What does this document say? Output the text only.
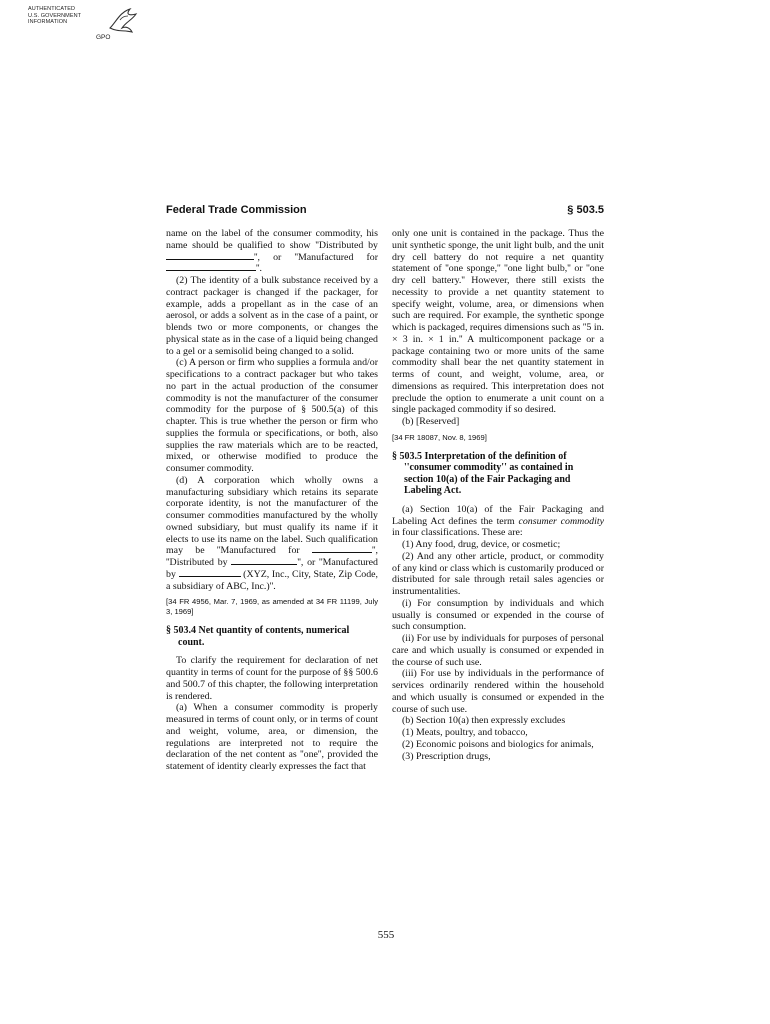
AUTHENTICATED
U.S. GOVERNMENT
INFORMATION
GPO
Federal Trade Commission	§ 503.5

name on the label of the consumer commodity, his name should be qualified to show ''Distributed by '', or ''Manufactured for ''.

(2) The identity of a bulk substance received by a contract packager is changed if the packager, for example, adds a propellant as in the case of an aerosol, or adds a solvent as in the case of a paint, or blends two or more components, or changes the physical state as in the case of a liquid being changed to a gel or a semisolid being changed to a solid.

(c) A person or firm who supplies a formula and/or specifications to a contract packager but who takes no part in the actual production of the consumer commodity is not the manufacturer of the consumer commodity for the purpose of § 500.5(a) of this chapter. This is true whether the person or firm who supplies the formula or specifications, or both, also supplies the raw materials which are to be reacted, mixed, or otherwise modified to produce the consumer commodity.

(d) A corporation which wholly owns a manufacturing subsidiary which retains its separate corporate identity, is not the manufacturer of the consumer commodities manufactured by the wholly owned subsidiary, but must qualify its name if it elects to use its name on the label. Such qualification may be ''Manufactured for	'', ''Distributed by	'', or ''Manufactured by	(XYZ, Inc., City, State, Zip Code, a subsidiary of ABC, Inc.)''.

[34 FR 4956, Mar. 7, 1969, as amended at 34 FR 11199, July 3, 1969]

§ 503.4 Net quantity of contents, numerical count.

To clarify the requirement for declaration of net quantity in terms of count for the purpose of §§ 500.6 and 500.7 of this chapter, the following interpretation is rendered.

(a) When a consumer commodity is properly measured in terms of count only, or in terms of count and weight, volume, area, or dimension, the regulations are interpreted not to require the declaration of the net content as ''one'', provided the statement of identity clearly expresses the fact that

only one unit is contained in the package. Thus the unit synthetic sponge, the unit light bulb, and the unit dry cell battery do not require a net quantity statement of ''one sponge,'' ''one light bulb,'' or ''one dry cell battery.'' However, there still exists the necessity to provide a net quantity statement to specify weight, volume, area, or dimensions when such are required. For example, the synthetic sponge which is packaged, requires dimensions such as ''5 in. × 3 in. × 1 in.'' A multicomponent package or a package containing two or more units of the same commodity shall bear the net quantity statement in terms of count, and weight, volume, area, or dimensions as required. This interpretation does not preclude the option to enumerate a unit count on a single packaged commodity if so desired.

(b) [Reserved]

[34 FR 18087, Nov. 8, 1969]

§ 503.5 Interpretation of the definition of ''consumer commodity'' as contained in section 10(a) of the Fair Packaging and Labeling Act.

(a) Section 10(a) of the Fair Packaging and Labeling Act defines the term consumer commodity in four classifications. These are:

(1) Any food, drug, device, or cosmetic;

(2) And any other article, product, or commodity of any kind or class which is customarily produced or distributed for sale through retail sales agencies or instrumentalities.

(i) For consumption by individuals and which usually is consumed or expended in the course of such consumption.

(ii) For use by individuals for purposes of personal care and which usually is consumed or expended in the course of such use.

(iii) For use by individuals in the performance of services ordinarily rendered within the household and which usually is consumed or expended in the course of such use.

(b) Section 10(a) then expressly excludes

(1) Meats, poultry, and tobacco,

(2) Economic poisons and biologics for animals,

(3) Prescription drugs,

555
